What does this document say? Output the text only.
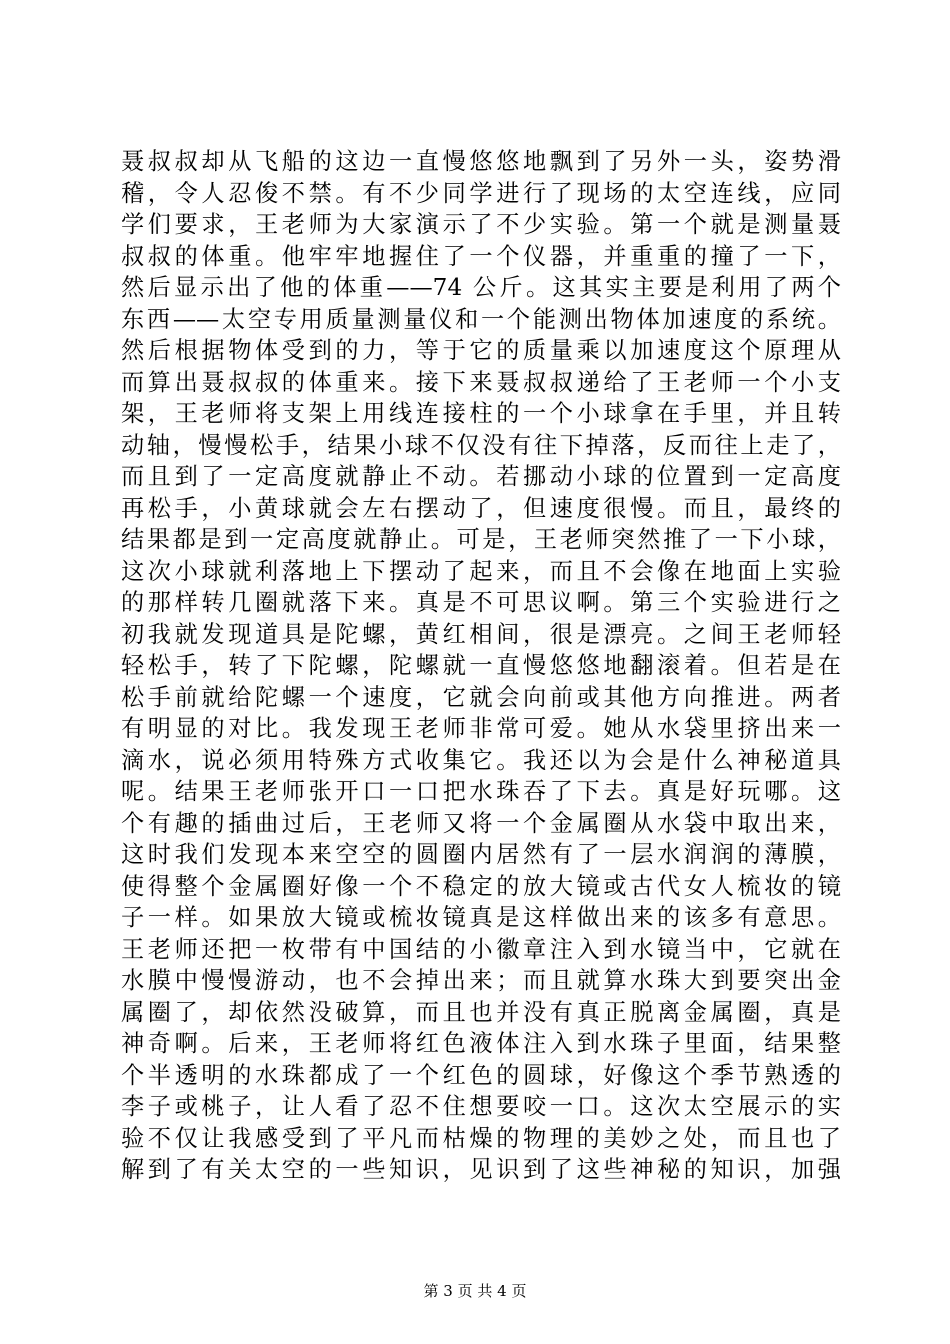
聂叔叔却从飞船的这边一直慢悠悠地飘到了另外一头，姿势滑
稽，令人忍俊不禁。有不少同学进行了现场的太空连线，应同
学们要求，王老师为大家演示了不少实验。第一个就是测量聂
叔叔的体重。他牢牢地握住了一个仪器，并重重的撞了一下，
然后显示出了他的体重——74 公斤。这其实主要是利用了两个
东西——太空专用质量测量仪和一个能测出物体加速度的系统。
然后根据物体受到的力，等于它的质量乘以加速度这个原理从
而算出聂叔叔的体重来。接下来聂叔叔递给了王老师一个小支
架，王老师将支架上用线连接柱的一个小球拿在手里，并且转
动轴，慢慢松手，结果小球不仅没有往下掉落，反而往上走了，
而且到了一定高度就静止不动。若挪动小球的位置到一定高度
再松手，小黄球就会左右摆动了，但速度很慢。而且，最终的
结果都是到一定高度就静止。可是，王老师突然推了一下小球，
这次小球就利落地上下摆动了起来，而且不会像在地面上实验
的那样转几圈就落下来。真是不可思议啊。第三个实验进行之
初我就发现道具是陀螺，黄红相间，很是漂亮。之间王老师轻
轻松手，转了下陀螺，陀螺就一直慢悠悠地翻滚着。但若是在
松手前就给陀螺一个速度，它就会向前或其他方向推进。两者
有明显的对比。我发现王老师非常可爱。她从水袋里挤出来一
滴水，说必须用特殊方式收集它。我还以为会是什么神秘道具
呢。结果王老师张开口一口把水珠吞了下去。真是好玩哪。这
个有趣的插曲过后，王老师又将一个金属圈从水袋中取出来，
这时我们发现本来空空的圆圈内居然有了一层水润润的薄膜，
使得整个金属圈好像一个不稳定的放大镜或古代女人梳妆的镜
子一样。如果放大镜或梳妆镜真是这样做出来的该多有意思。
王老师还把一枚带有中国结的小徽章注入到水镜当中，它就在
水膜中慢慢游动，也不会掉出来；而且就算水珠大到要突出金
属圈了，却依然没破算，而且也并没有真正脱离金属圈，真是
神奇啊。后来，王老师将红色液体注入到水珠子里面，结果整
个半透明的水珠都成了一个红色的圆球，好像这个季节熟透的
李子或桃子，让人看了忍不住想要咬一口。这次太空展示的实
验不仅让我感受到了平凡而枯燥的物理的美妙之处，而且也了
解到了有关太空的一些知识，见识到了这些神秘的知识，加强
第 3 页 共 4 页
